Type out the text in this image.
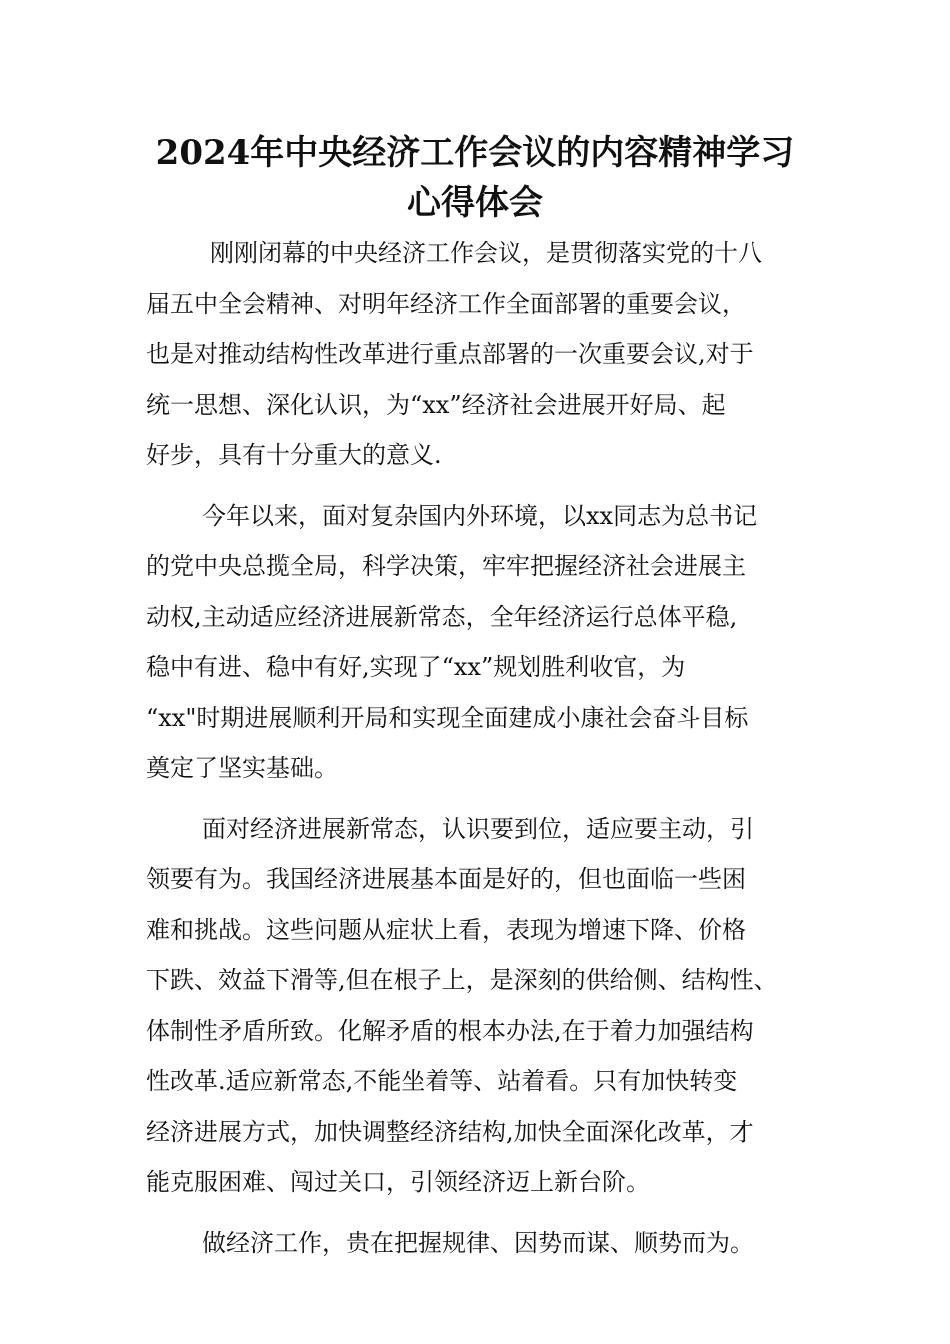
2024年中央经济工作会议的内容精神学习
心得体会

刚刚闭幕的中央经济工作会议，是贯彻落实党的十八
届五中全会精神、对明年经济工作全面部署的重要会议，
也是对推动结构性改革进行重点部署的一次重要会议,对于
统一思想、深化认识，为“xx”经济社会进展开好局、起
好步，具有十分重大的意义.

今年以来，面对复杂国内外环境，以xx同志为总书记
的党中央总揽全局，科学决策，牢牢把握经济社会进展主
动权,主动适应经济进展新常态，全年经济运行总体平稳,
稳中有进、稳中有好,实现了“xx”规划胜利收官，为
“xx"时期进展顺利开局和实现全面建成小康社会奋斗目标
奠定了坚实基础。

面对经济进展新常态，认识要到位，适应要主动，引
领要有为。我国经济进展基本面是好的，但也面临一些困
难和挑战。这些问题从症状上看，表现为增速下降、价格
下跌、效益下滑等,但在根子上，是深刻的供给侧、结构性、
体制性矛盾所致。化解矛盾的根本办法,在于着力加强结构
性改革.适应新常态,不能坐着等、站着看。只有加快转变
经济进展方式，加快调整经济结构,加快全面深化改革，才
能克服困难、闯过关口，引领经济迈上新台阶。

做经济工作，贵在把握规律、因势而谋、顺势而为。
